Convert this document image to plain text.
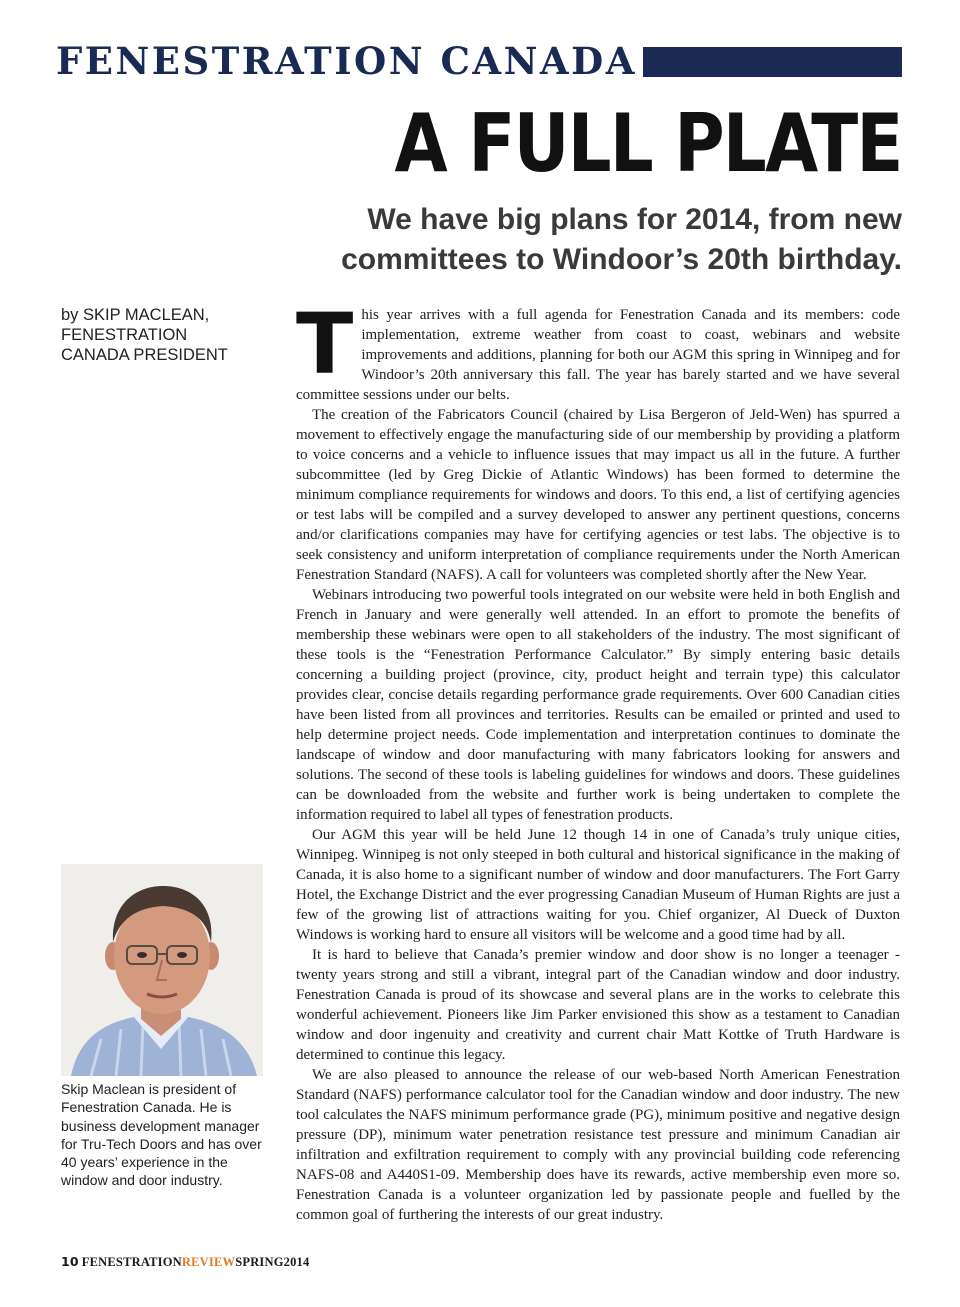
FENESTRATION CANADA
A FULL PLATE
We have big plans for 2014, from new committees to Windoor’s 20th birthday.
by SKIP MACLEAN,
FENESTRATION
CANADA PRESIDENT
Skip Maclean is president of Fenestration Canada. He is business development manager for Tru-Tech Doors and has over 40 years’ experience in the window and door industry.

This year arrives with a full agenda for Fenestration Canada and its members: code implementation, extreme weather from coast to coast, webinars and website improvements and additions, planning for both our AGM this spring in Winnipeg and for Windoor’s 20th anniversary this fall. The year has barely started and we have several committee sessions under our belts.

The creation of the Fabricators Council (chaired by Lisa Bergeron of Jeld-Wen) has spurred a movement to effectively engage the manufacturing side of our membership by providing a platform to voice concerns and a vehicle to influence issues that may impact us all in the future. A further subcommittee (led by Greg Dickie of Atlantic Windows) has been formed to determine the minimum compliance requirements for windows and doors. To this end, a list of certifying agencies or test labs will be compiled and a survey developed to answer any pertinent questions, concerns and/or clarifications companies may have for certifying agencies or test labs. The objective is to seek consistency and uniform interpretation of compliance requirements under the North American Fenestration Standard (NAFS). A call for volunteers was completed shortly after the New Year.

Webinars introducing two powerful tools integrated on our website were held in both English and French in January and were generally well attended. In an effort to promote the benefits of membership these webinars were open to all stakeholders of the industry. The most significant of these tools is the “Fenestration Performance Calculator.” By simply entering basic details concerning a building project (province, city, product height and terrain type) this calculator provides clear, concise details regarding performance grade requirements. Over 600 Canadian cities have been listed from all provinces and territories. Results can be emailed or printed and used to help determine project needs. Code implementation and interpretation continues to dominate the landscape of window and door manufacturing with many fabricators looking for answers and solutions. The second of these tools is labeling guidelines for windows and doors. These guidelines can be downloaded from the website and further work is being undertaken to complete the information required to label all types of fenestration products.

Our AGM this year will be held June 12 though 14 in one of Canada’s truly unique cities, Winnipeg. Winnipeg is not only steeped in both cultural and historical significance in the making of Canada, it is also home to a significant number of window and door manufacturers. The Fort Garry Hotel, the Exchange District and the ever progressing Canadian Museum of Human Rights are just a few of the growing list of attractions waiting for you. Chief organizer, Al Dueck of Duxton Windows is working hard to ensure all visitors will be welcome and a good time had by all.

It is hard to believe that Canada’s premier window and door show is no longer a teenager - twenty years strong and still a vibrant, integral part of the Canadian window and door industry. Fenestration Canada is proud of its showcase and several plans are in the works to celebrate this wonderful achievement. Pioneers like Jim Parker envisioned this show as a testament to Canadian window and door ingenuity and creativity and current chair Matt Kottke of Truth Hardware is determined to continue this legacy.

We are also pleased to announce the release of our web-based North American Fenestration Standard (NAFS) performance calculator tool for the Canadian window and door industry. The new tool calculates the NAFS minimum performance grade (PG), minimum positive and negative design pressure (DP), minimum water penetration resistance test pressure and minimum Canadian air infiltration and exfiltration requirement to comply with any provincial building code referencing NAFS-08 and A440S1-09. Membership does have its rewards, active membership even more so. Fenestration Canada is a volunteer organization led by passionate people and fuelled by the common goal of furthering the interests of our great industry.

10 FENESTRATIONREVIEWSPRING2014
